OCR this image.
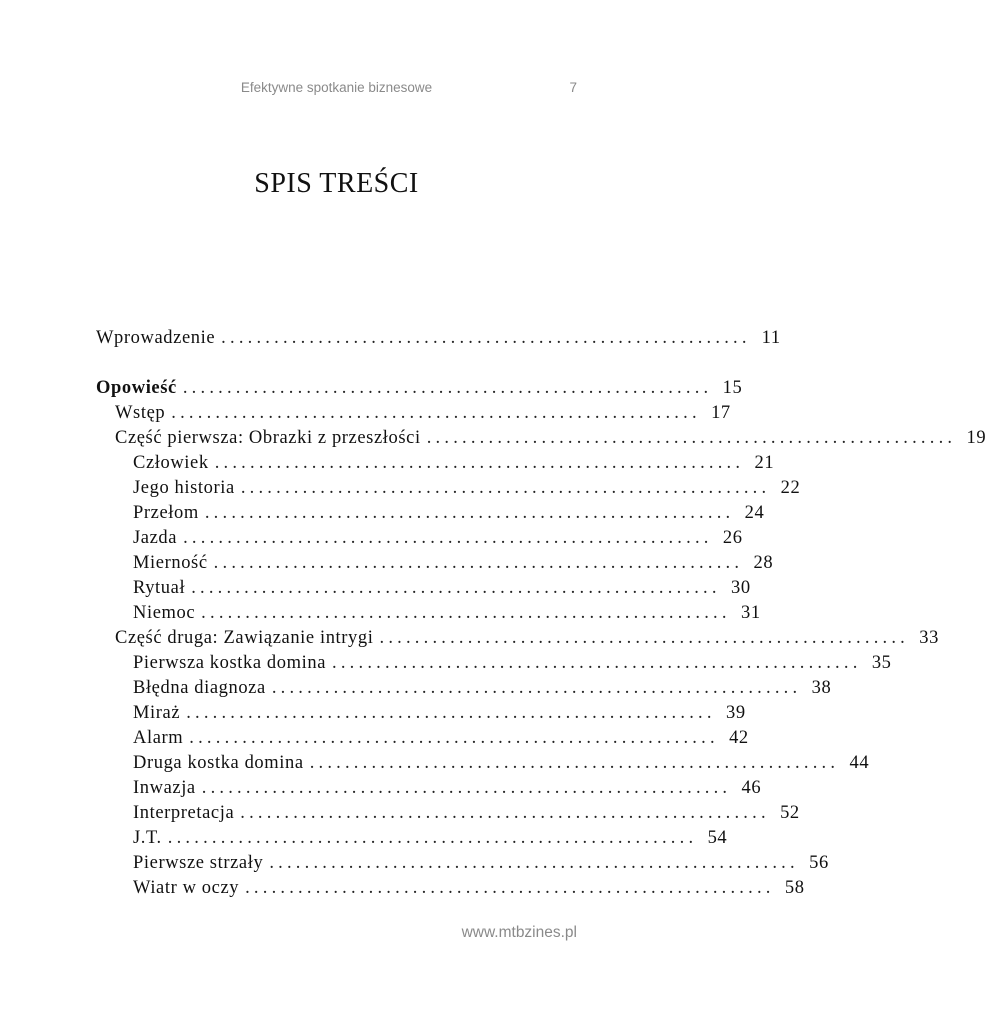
Efektywne spotkanie biznesowe	7
SPIS TREŚCI
Wprowadzenie ............................................................ 11
Opowieść ............................................................ 15
Wstęp ............................................................ 17
Część pierwsza: Obrazki z przeszłości ............................................................ 19
Człowiek ............................................................ 21
Jego historia ............................................................ 22
Przełom ............................................................ 24
Jazda ............................................................ 26
Mierność ............................................................ 28
Rytuał ............................................................ 30
Niemoc ............................................................ 31
Część druga: Zawiązanie intrygi ............................................................ 33
Pierwsza kostka domina ............................................................ 35
Błędna diagnoza ............................................................ 38
Miraż ............................................................ 39
Alarm ............................................................ 42
Druga kostka domina ............................................................ 44
Inwazja ............................................................ 46
Interpretacja ............................................................ 52
J.T. ............................................................ 54
Pierwsze strzały ............................................................ 56
Wiatr w oczy ............................................................ 58
www.mtbzines.pl
